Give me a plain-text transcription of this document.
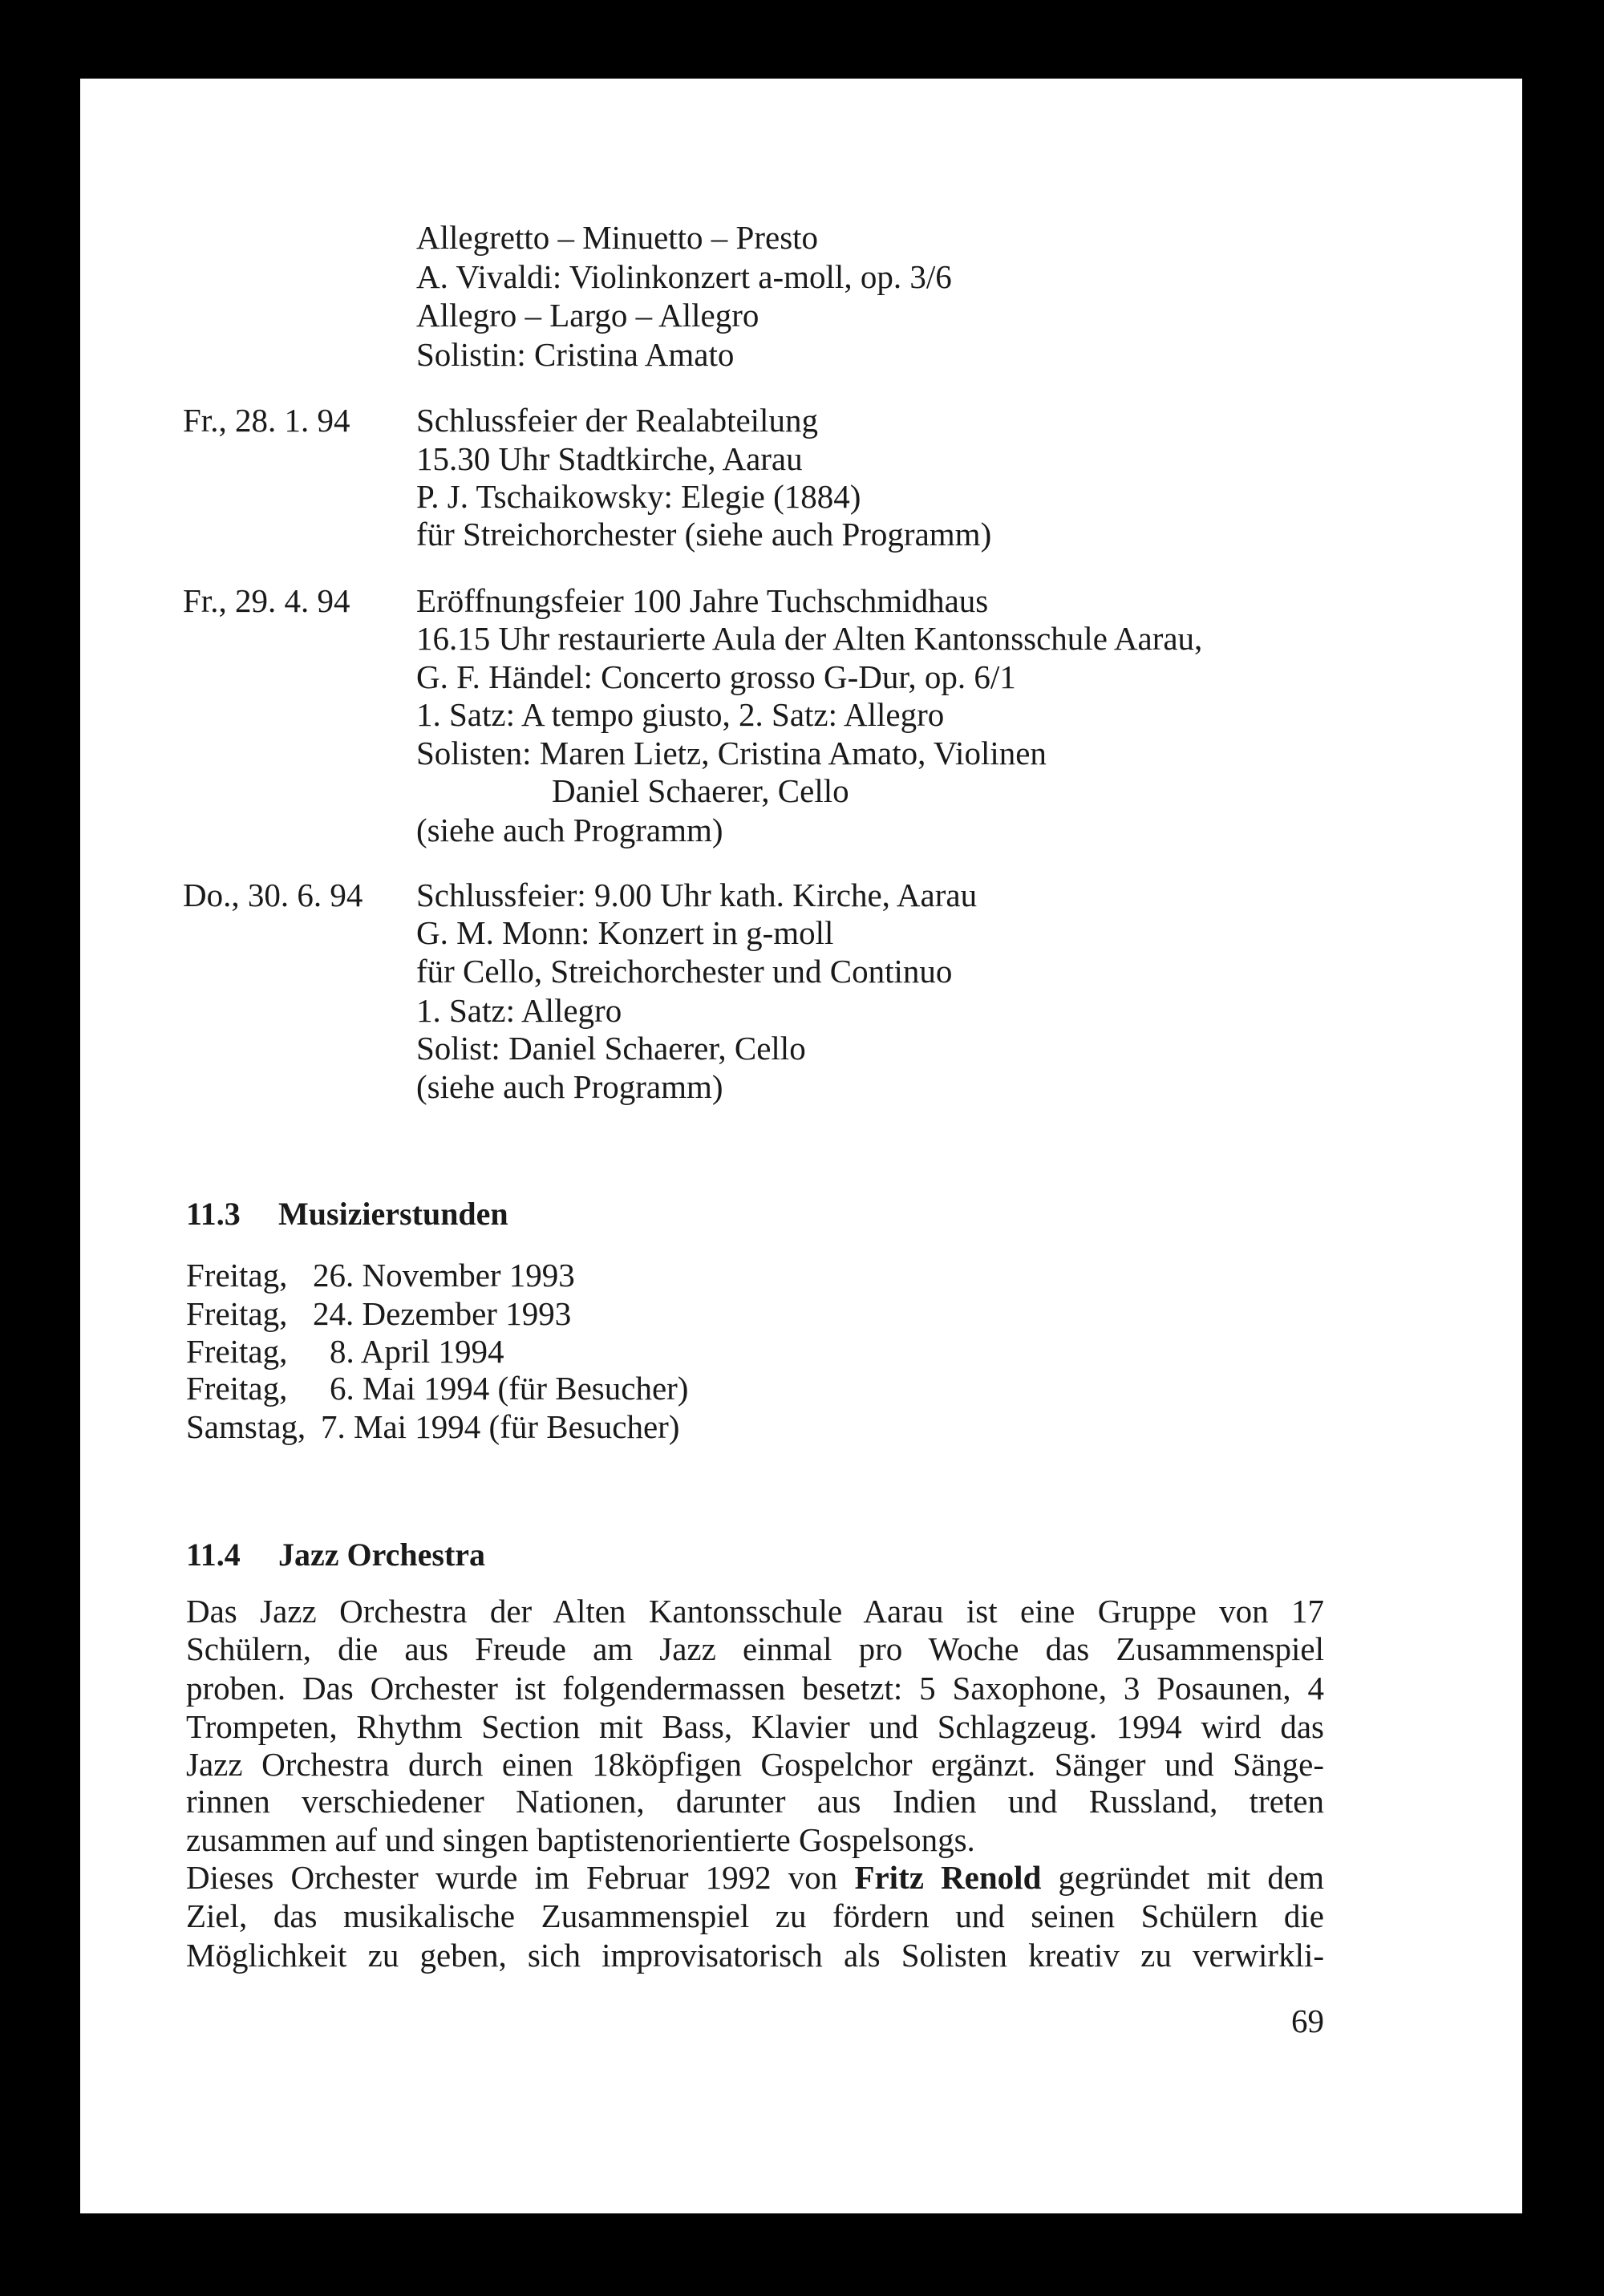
Allegretto – Minuetto – Presto
A. Vivaldi: Violinkonzert a-moll, op. 3/6
Allegro – Largo – Allegro
Solistin: Cristina Amato
Fr., 28. 1. 94 Schlussfeier der Realabteilung
15.30 Uhr Stadtkirche, Aarau
P. J. Tschaikowsky: Elegie (1884)
für Streichorchester (siehe auch Programm)
Fr., 29. 4. 94 Eröffnungsfeier 100 Jahre Tuchschmidhaus
16.15 Uhr restaurierte Aula der Alten Kantonsschule Aarau,
G. F. Händel: Concerto grosso G-Dur, op. 6/1
1. Satz: A tempo giusto, 2. Satz: Allegro
Solisten: Maren Lietz, Cristina Amato, Violinen
Daniel Schaerer, Cello
(siehe auch Programm)
Do., 30. 6. 94 Schlussfeier: 9.00 Uhr kath. Kirche, Aarau
G. M. Monn: Konzert in g-moll
für Cello, Streichorchester und Continuo
1. Satz: Allegro
Solist: Daniel Schaerer, Cello
(siehe auch Programm)
11.3 Musizierstunden
Freitag, 26. November 1993
Freitag, 24. Dezember 1993
Freitag, 8. April 1994
Freitag, 6. Mai 1994 (für Besucher)
Samstag, 7. Mai 1994 (für Besucher)
11.4 Jazz Orchestra
Das Jazz Orchestra der Alten Kantonsschule Aarau ist eine Gruppe von 17
Schülern, die aus Freude am Jazz einmal pro Woche das Zusammenspiel
proben. Das Orchester ist folgendermassen besetzt: 5 Saxophone, 3 Posaunen, 4
Trompeten, Rhythm Section mit Bass, Klavier und Schlagzeug. 1994 wird das
Jazz Orchestra durch einen 18köpfigen Gospelchor ergänzt. Sänger und Sänge-
rinnen verschiedener Nationen, darunter aus Indien und Russland, treten
zusammen auf und singen baptistenorientierte Gospelsongs.
Dieses Orchester wurde im Februar 1992 von Fritz Renold gegründet mit dem
Ziel, das musikalische Zusammenspiel zu fördern und seinen Schülern die
Möglichkeit zu geben, sich improvisatorisch als Solisten kreativ zu verwirkli-
69
